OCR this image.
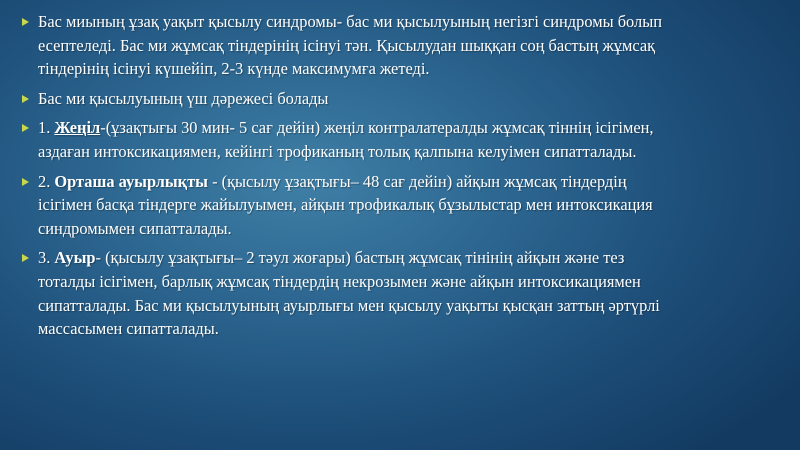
Бас миының ұзақ уақыт қысылу синдромы- бас ми қысылуының негізгі синдромы болып есептеледі. Бас ми жұмсақ тіндерінің ісінуі тән. Қысылудан шыққан соң бастың жұмсақ тіндерінің ісінуі күшейіп, 2-3 күнде максимумға жетеді.
Бас ми қысылуының үш дәрежесі болады
1. Жеңіл-(ұзақтығы 30 мин- 5 сағ дейін) жеңіл контралатералды жұмсақ тіннің ісігімен, аздаған интоксикациямен, кейінгі трофиканың толық қалпына келуімен сипатталады.
2. Орташа ауырлықты - (қысылу ұзақтығы– 48 сағ дейін) айқын жұмсақ тіндердің ісігімен басқа тіндерге жайылуымен, айқын трофикалық бұзылыстар мен интоксикация синдромымен сипатталады.
3. Ауыр- (қысылу ұзақтығы– 2 тәул жоғары) бастың жұмсақ тінінің айқын және тез тоталды ісігімен, барлық жұмсақ тіндердің некрозымен және айқын интоксикациямен сипатталады. Бас ми қысылуының ауырлығы мен қысылу уақыты қысқан заттың әртүрлі массасымен сипатталады.
